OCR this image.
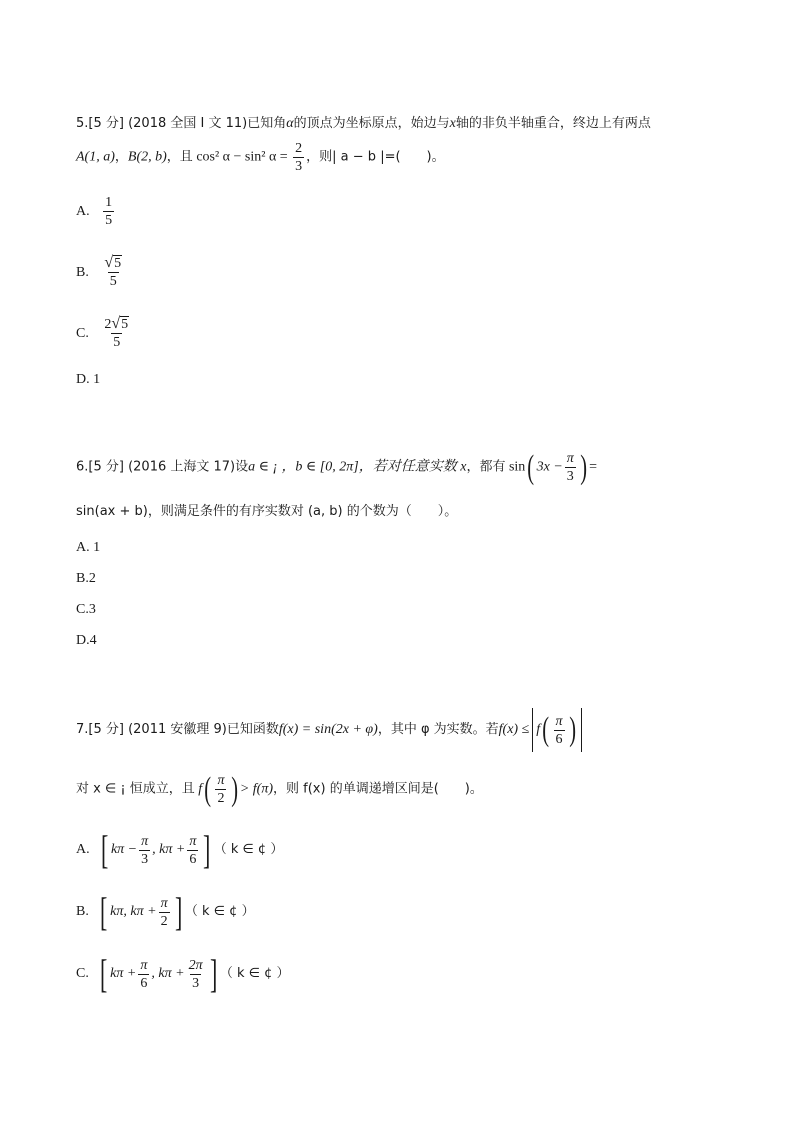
5.[5 分] (2018 全国 I 文 11)已知角α的顶点为坐标原点，始边与x轴的非负半轴重合，终边上有两点
A(1, a)，B(2, b)，且 cos² α − sin² $\alpha = \frac{2}{3}$ ，则| a − b |=(　　)。
A. $\frac{1}{5}$
B. $\frac{√ 5}{5}$
C. $\frac{2 √ 5}{5}$
D. 1
6.[5 分] (2016 上海文 17)设a ∈ ¡ ，b ∈ [0, 2π]，若对任意实数 x，都有 sin( $3x - \frac{\pi}{3}$ ) =
sin(ax + b)，则满足条件的有序实数对 (a, b) 的个数为（　　）。
A. 1
B.2
C.3
D.4
7.[5 分] (2011 安徽理 9)已知函数f(x) = sin(2x + φ)，其中 φ 为实数。若$f(x) \le f( \frac{\pi}{6}$ )
对 x ∈ ¡ 恒成立，且 $f( \frac{\pi}{2}$ ) > f(π)，则 f(x) 的单调递增区间是(　　)。
A. [ $k\pi - \frac{\pi}{3}$ , $k\pi + \frac{\pi}{6}$ ] （ k ∈ ¢ ）
B. [ kπ, $k\pi + \frac{\pi}{2}$ ] （ k ∈ ¢ ）
C. [ $k\pi + \frac{\pi}{6}$ , $k\pi + \frac{2\pi}{3}$ ] （ k ∈ ¢ ）
